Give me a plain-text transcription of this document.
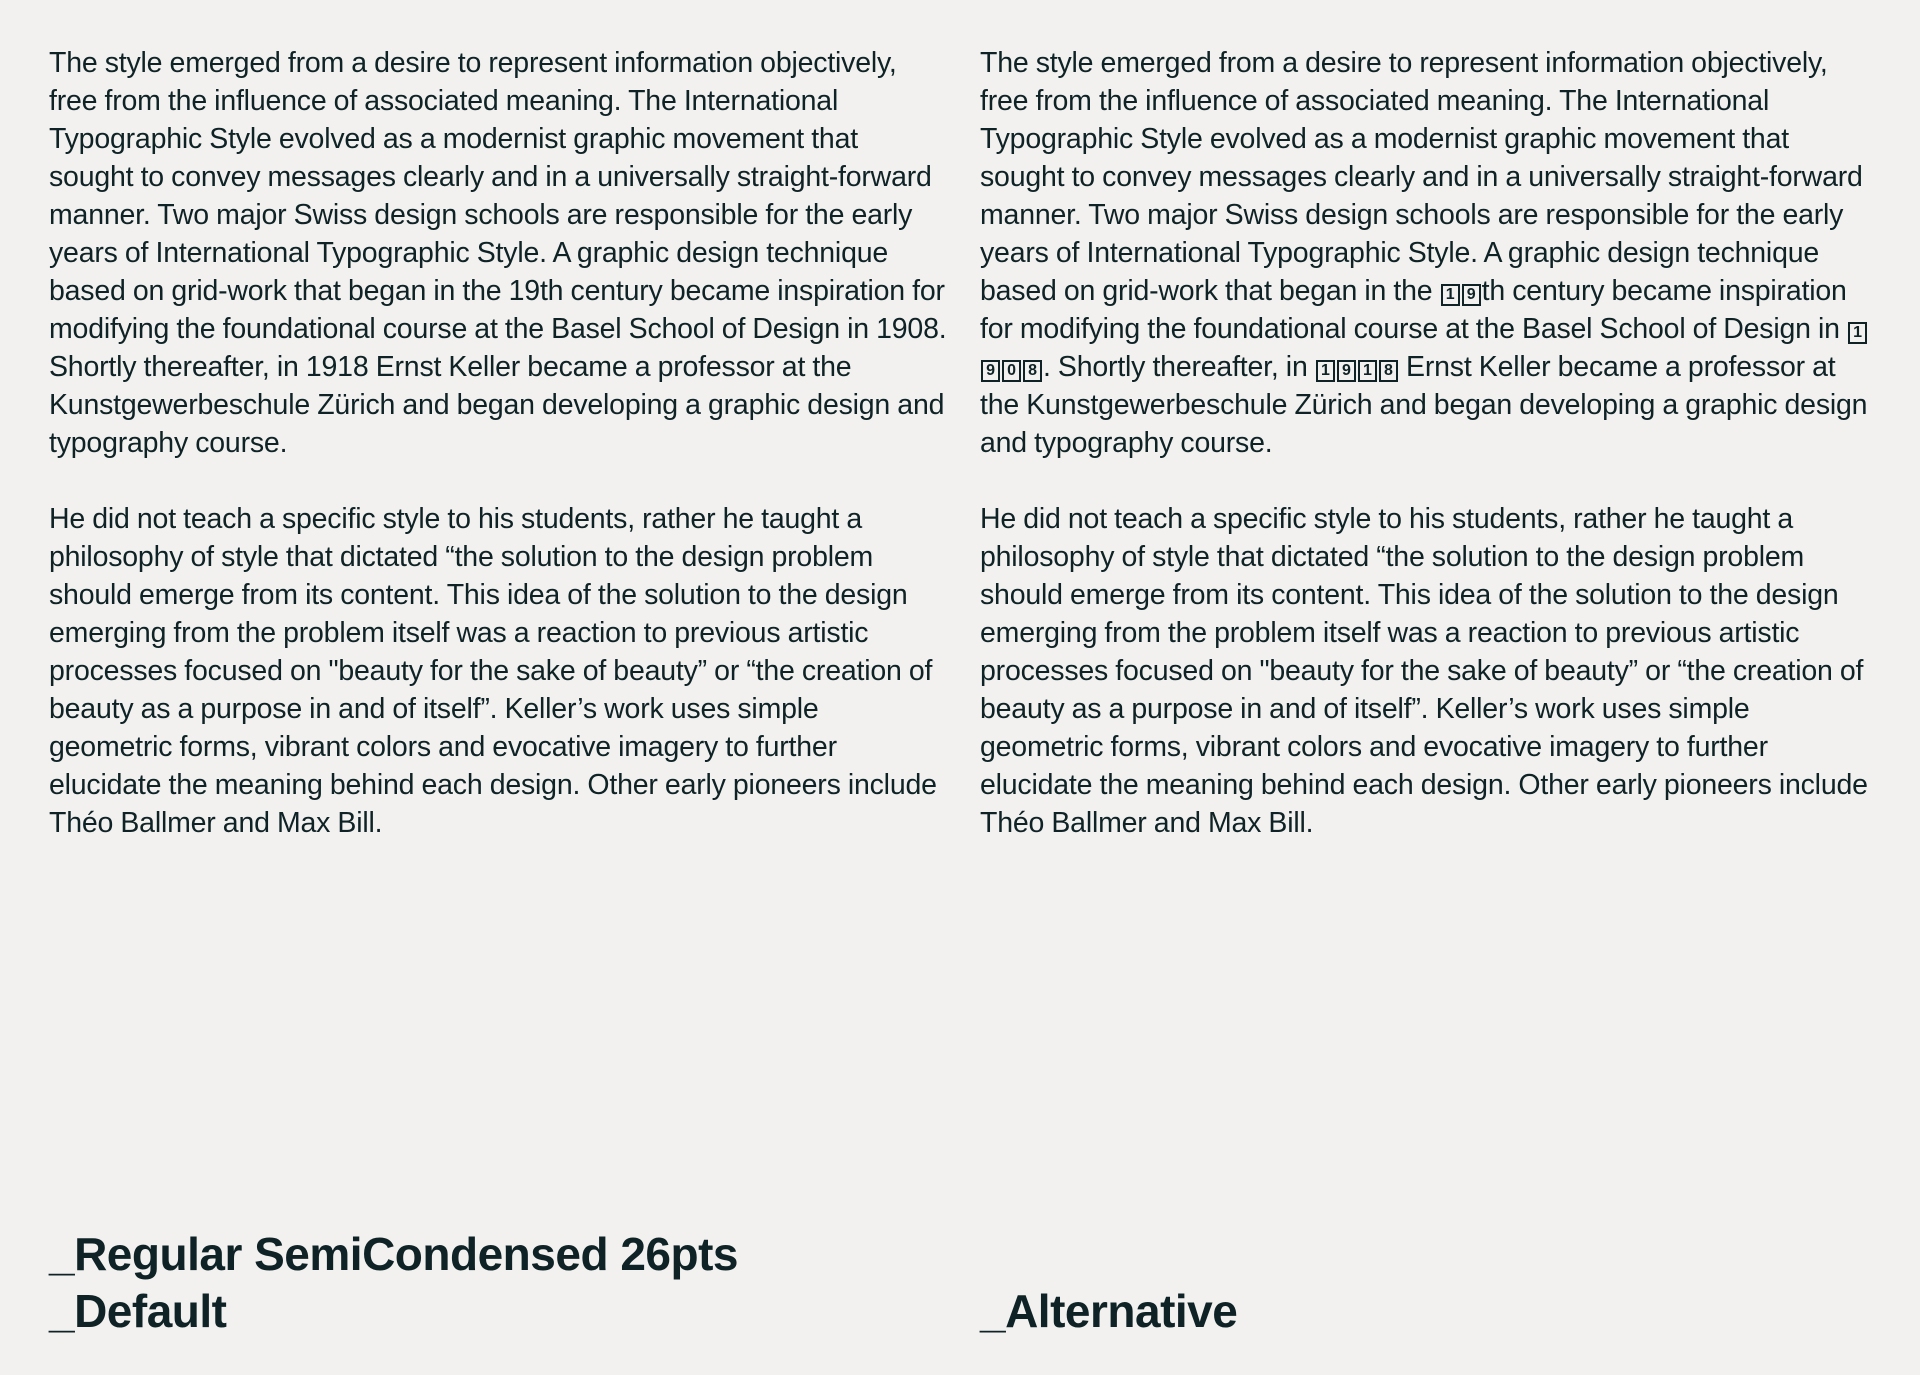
The style emerged from a desire to represent information objectively, free from the influence of associated meaning. The International Typographic Style evolved as a modernist graphic movement that sought to convey messages clearly and in a universally straight-forward manner. Two major Swiss design schools are responsible for the early years of International Typographic Style. A graphic design technique based on grid-work that began in the 19th century became inspiration for modifying the foundational course at the Basel School of Design in 1908. Shortly thereafter, in 1918 Ernst Keller became a professor at the Kunstgewerbeschule Zürich and began developing a graphic design and typography course.

He did not teach a specific style to his students, rather he taught a philosophy of style that dictated “the solution to the design problem should emerge from its content. This idea of the solution to the design emerging from the problem itself was a reaction to previous artistic processes focused on "beauty for the sake of beauty” or “the creation of beauty as a purpose in and of itself”. Keller’s work uses simple geometric forms, vibrant colors and evocative imagery to further elucidate the meaning behind each design. Other early pioneers include Théo Ballmer and Max Bill.

The style emerged from a desire to represent information objectively, free from the influence of associated meaning. The International Typographic Style evolved as a modernist graphic movement that sought to convey messages clearly and in a universally straight-forward manner. Two major Swiss design schools are responsible for the early years of International Typographic Style. A graphic design technique based on grid-work that began in the 1 9 th century became inspiration for modifying the foundational course at the Basel School of Design in 19 0 8 . Shortly thereafter, in 1 9 1 8 Ernst Keller became a professor at the Kunstgewerbeschule Zürich and began developing a graphic design and typography course.

He did not teach a specific style to his students, rather he taught a philosophy of style that dictated “the solution to the design problem should emerge from its content. This idea of the solution to the design emerging from the problem itself was a reaction to previous artistic processes focused on "beauty for the sake of beauty” or “the creation of beauty as a purpose in and of itself”. Keller’s work uses simple geometric forms, vibrant colors and evocative imagery to further elucidate the meaning behind each design. Other early pioneers include Théo Ballmer and Max Bill.

_Regular SemiCondensed 26pts
_Default	_Alternative
